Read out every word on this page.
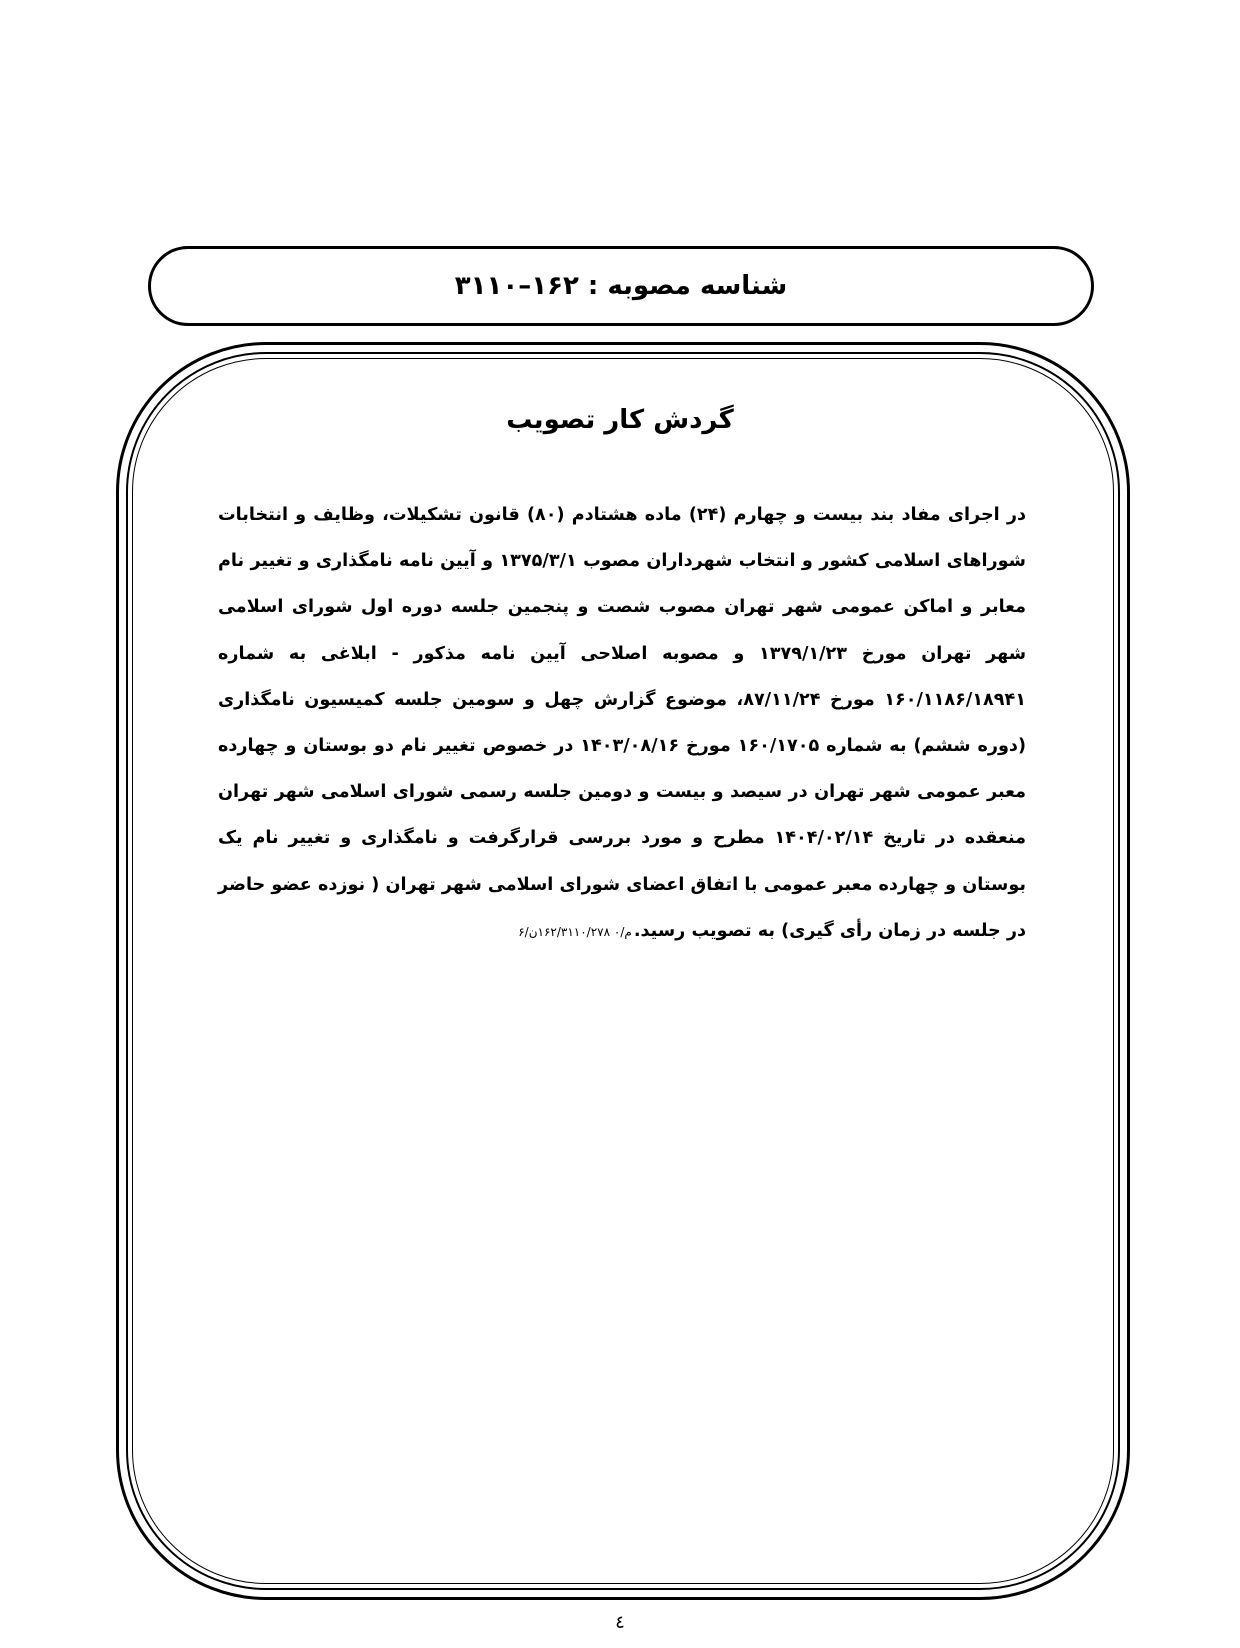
شناسه مصوبه : ۱۶۲–۳۱۱۰
گردش کار تصویب

در اجرای مفاد بند بیست و چهارم (۲۴) ماده هشتادم (۸۰) قانون تشکیلات، وظایف و انتخابات شوراهای اسلامی کشور و انتخاب شهرداران مصوب ۱۳۷۵/۳/۱ و آیین نامه نامگذاری و تغییر نام معابر و اماکن عمومی شهر تهران مصوب شصت و پنجمین جلسه دوره اول شورای اسلامی شهر تهران مورخ ۱۳۷۹/۱/۲۳ و مصوبه اصلاحی آیین نامه مذکور - ابلاغی به شماره ۱۶۰/۱۱۸۶/۱۸۹۴۱ مورخ ۸۷/۱۱/۲۴، موضوع گزارش چهل و سومین جلسه کمیسیون نامگذاری (دوره ششم) به شماره ۱۶۰/۱۷۰۵ مورخ ۱۴۰۳/۰۸/۱۶ در خصوص تغییر نام دو بوستان و چهارده معبر عمومی شهر تهران در سیصد و بیست و دومین جلسه رسمی شورای اسلامی شهر تهران منعقده در تاریخ ۱۴۰۴/۰۲/۱۴ مطرح و مورد بررسی قرارگرفت و نامگذاری و تغییر نام یک بوستان و چهارده معبر عمومی با اتفاق اعضای شورای اسلامی شهر تهران ( نوزده عضو حاضر در جلسه در زمان رأی گیری) به تصویب رسید.م/۰ ۱۶۲/۳۱۱۰/۲۷۸ن/۶

٤
